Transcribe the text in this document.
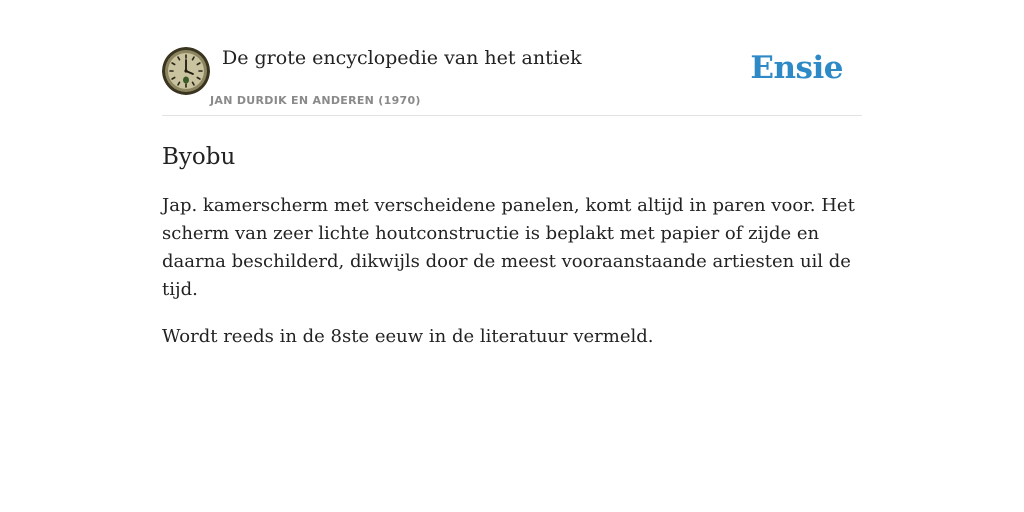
De grote encyclopedie van het antiek
JAN DURDIK EN ANDEREN (1970)
Ensie
Byobu

Jap. kamerscherm met verscheidene panelen, komt altijd in paren voor. Het scherm van zeer lichte houtconstructie is beplakt met papier of zijde en daarna beschilderd, dikwijls door de meest vooraanstaande artiesten uil de tijd.

Wordt reeds in de 8ste eeuw in de literatuur vermeld.
